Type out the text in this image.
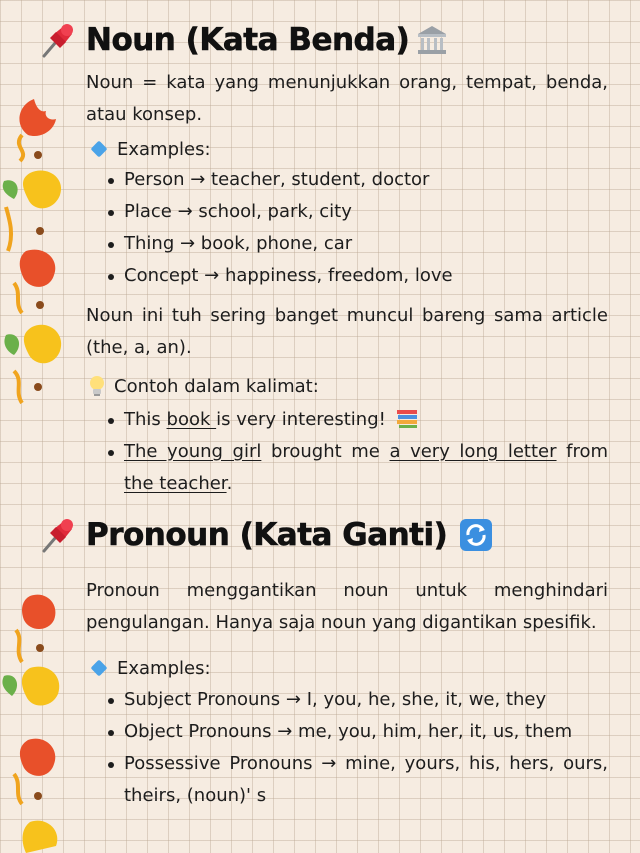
Noun (Kata Benda)
Noun = kata yang menunjukkan orang, tempat, benda, atau konsep.
Examples:
Person → teacher, student, doctor
Place → school, park, city
Thing → book, phone, car
Concept → happiness, freedom, love
Noun ini tuh sering banget muncul bareng sama article (the, a, an).
Contoh dalam kalimat:
This book is very interesting!
The young girl brought me a very long letter from the teacher.
Pronoun (Kata Ganti)
Pronoun menggantikan noun untuk menghindari pengulangan. Hanya saja noun yang digantikan spesifik.
Examples:
Subject Pronouns → I, you, he, she, it, we, they
Object Pronouns → me, you, him, her, it, us, them
Possessive Pronouns → mine, yours, his, hers, ours, theirs, (noun)' s
